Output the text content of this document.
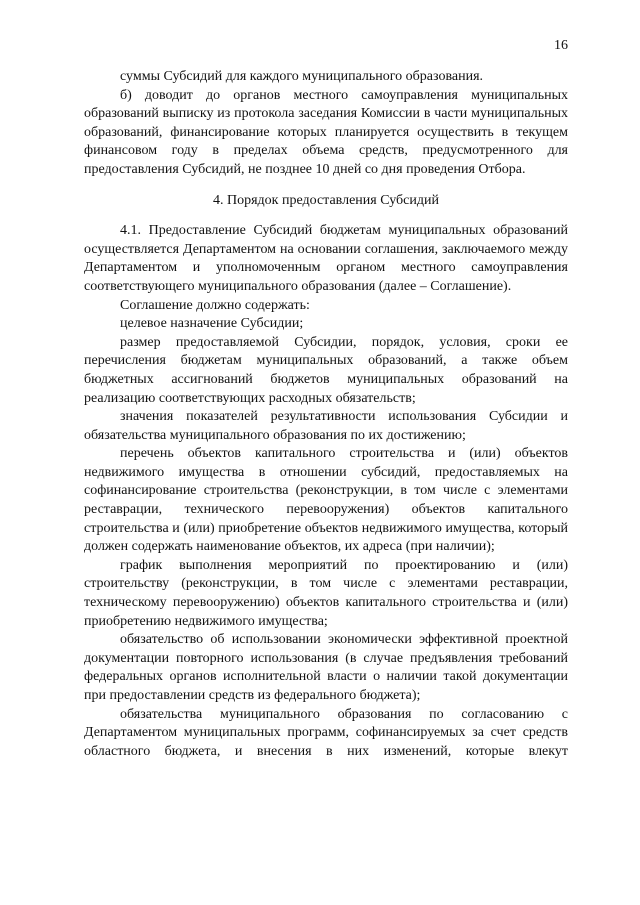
16

суммы Субсидий для каждого муниципального образования.

б) доводит до органов местного самоуправления муниципальных образований выписку из протокола заседания Комиссии в части муниципальных образований, финансирование которых планируется осуществить в текущем финансовом году в пределах объема средств, предусмотренного для предоставления Субсидий, не позднее 10 дней со дня проведения Отбора.

4. Порядок предоставления Субсидий

4.1. Предоставление Субсидий бюджетам муниципальных образований осуществляется Департаментом на основании соглашения, заключаемого между Департаментом и уполномоченным органом местного самоуправления соответствующего муниципального образования (далее – Соглашение).

Соглашение должно содержать:

целевое назначение Субсидии;

размер предоставляемой Субсидии, порядок, условия, сроки ее перечисления бюджетам муниципальных образований, а также объем бюджетных ассигнований бюджетов муниципальных образований на реализацию соответствующих расходных обязательств;

значения показателей результативности использования Субсидии и обязательства муниципального образования по их достижению;

перечень объектов капитального строительства и (или) объектов недвижимого имущества в отношении субсидий, предоставляемых на софинансирование строительства (реконструкции, в том числе с элементами реставрации, технического перевооружения) объектов капитального строительства и (или) приобретение объектов недвижимого имущества, который должен содержать наименование объектов, их адреса (при наличии);

график выполнения мероприятий по проектированию и (или) строительству (реконструкции, в том числе с элементами реставрации, техническому перевооружению) объектов капитального строительства и (или) приобретению недвижимого имущества;

обязательство об использовании экономически эффективной проектной документации повторного использования (в случае предъявления требований федеральных органов исполнительной власти о наличии такой документации при предоставлении средств из федерального бюджета);

обязательства муниципального образования по согласованию с Департаментом муниципальных программ, софинансируемых за счет средств областного бюджета, и внесения в них изменений, которые влекут
